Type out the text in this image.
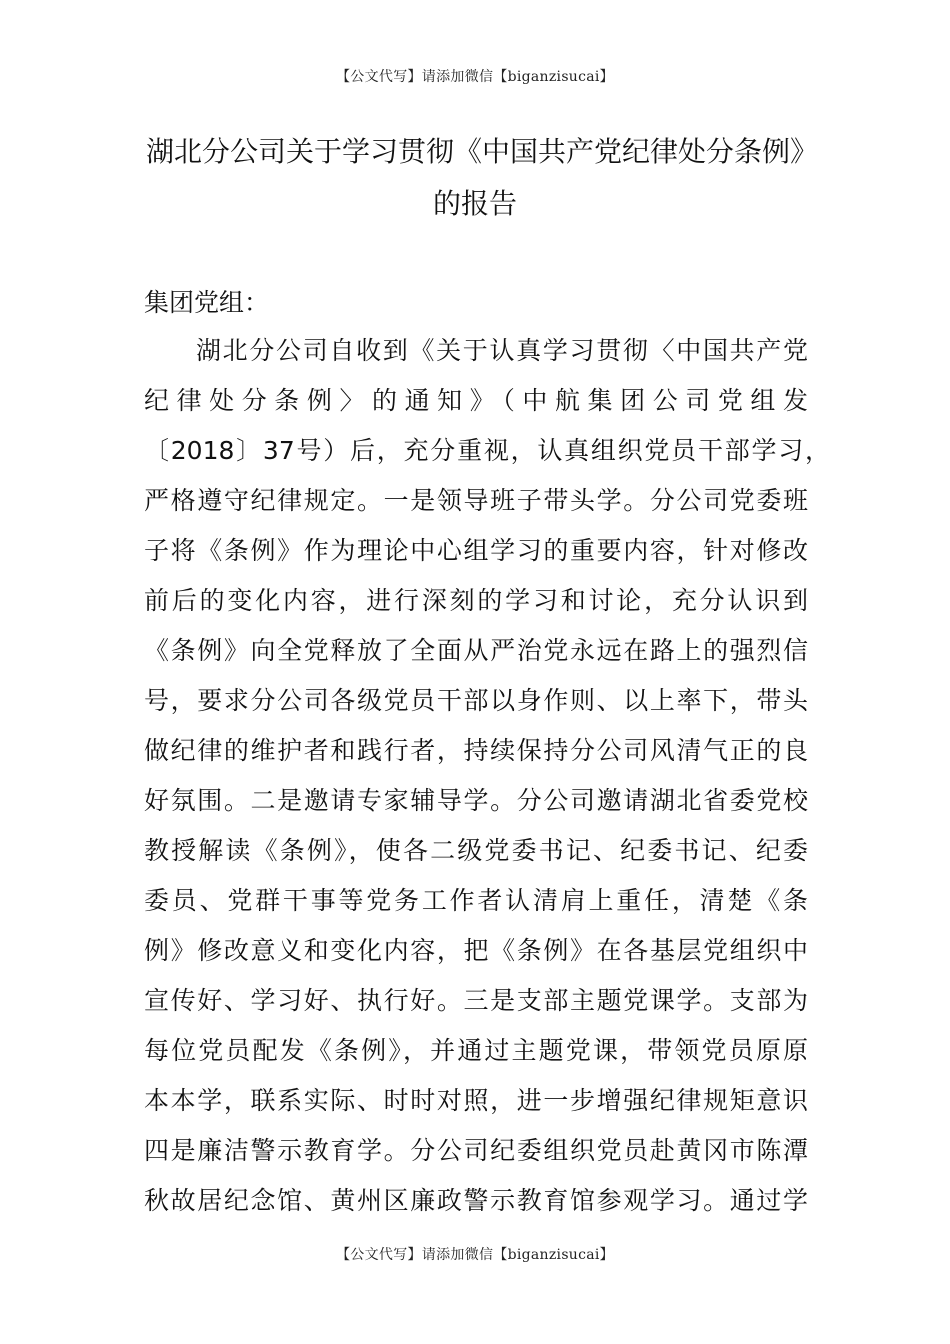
【公文代写】请添加微信【biganzisucai】
湖北分公司关于学习贯彻《中国共产党纪律处分条例》的报告
集团党组：
湖北分公司自收到《关于认真学习贯彻〈中国共产党
纪律处分条例〉的通知》（中航集团公司党组发
〔2018〕37号）后，充分重视，认真组织党员干部学习，
严格遵守纪律规定。一是领导班子带头学。分公司党委班
子将《条例》作为理论中心组学习的重要内容，针对修改
前后的变化内容，进行深刻的学习和讨论，充分认识到
《条例》向全党释放了全面从严治党永远在路上的强烈信
号，要求分公司各级党员干部以身作则、以上率下，带头
做纪律的维护者和践行者，持续保持分公司风清气正的良
好氛围。二是邀请专家辅导学。分公司邀请湖北省委党校
教授解读《条例》，使各二级党委书记、纪委书记、纪委
委员、党群干事等党务工作者认清肩上重任，清楚《条
例》修改意义和变化内容，把《条例》在各基层党组织中
宣传好、学习好、执行好。三是支部主题党课学。支部为
每位党员配发《条例》，并通过主题党课，带领党员原原
本本学，联系实际、时时对照，进一步增强纪律规矩意识
四是廉洁警示教育学。分公司纪委组织党员赴黄冈市陈潭
秋故居纪念馆、黄州区廉政警示教育馆参观学习。通过学
【公文代写】请添加微信【biganzisucai】
